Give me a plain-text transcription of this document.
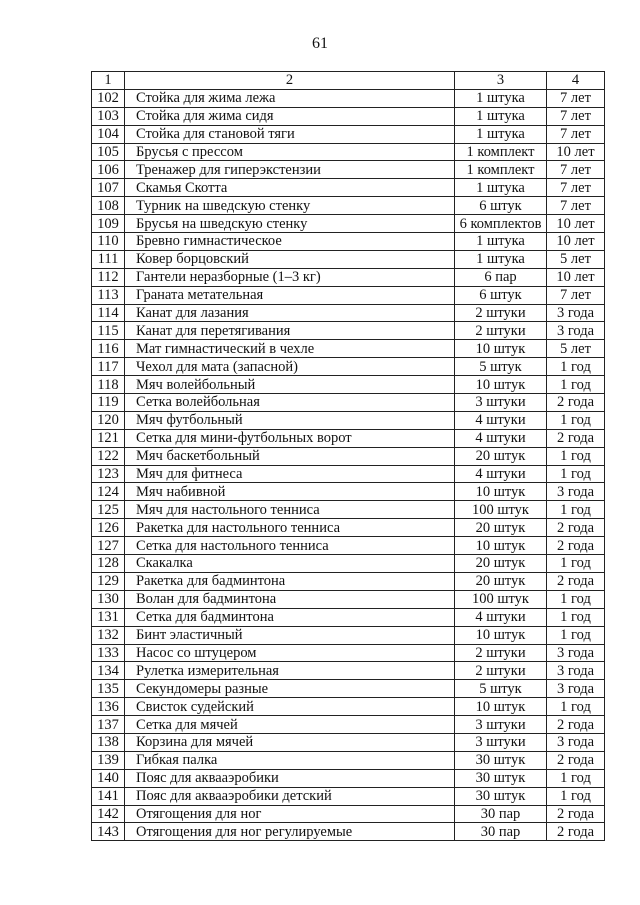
61
1	2	3	4
102	Стойка для жима лежа	1 штука	7 лет
103	Стойка для жима сидя	1 штука	7 лет
104	Стойка для становой тяги	1 штука	7 лет
105	Брусья с прессом	1 комплект	10 лет
106	Тренажер для гиперэкстензии	1 комплект	7 лет
107	Скамья Скотта	1 штука	7 лет
108	Турник на шведскую стенку	6 штук	7 лет
109	Брусья на шведскую стенку	6 комплектов	10 лет
110	Бревно гимнастическое	1 штука	10 лет
111	Ковер борцовский	1 штука	5 лет
112	Гантели неразборные (1–3 кг)	6 пар	10 лет
113	Граната метательная	6 штук	7 лет
114	Канат для лазания	2 штуки	3 года
115	Канат для перетягивания	2 штуки	3 года
116	Мат гимнастический в чехле	10 штук	5 лет
117	Чехол для мата (запасной)	5 штук	1 год
118	Мяч волейбольный	10 штук	1 год
119	Сетка волейбольная	3 штуки	2 года
120	Мяч футбольный	4 штуки	1 год
121	Сетка для мини-футбольных ворот	4 штуки	2 года
122	Мяч баскетбольный	20 штук	1 год
123	Мяч для фитнеса	4 штуки	1 год
124	Мяч набивной	10 штук	3 года
125	Мяч для настольного тенниса	100 штук	1 год
126	Ракетка для настольного тенниса	20 штук	2 года
127	Сетка для настольного тенниса	10 штук	2 года
128	Скакалка	20 штук	1 год
129	Ракетка для бадминтона	20 штук	2 года
130	Волан для бадминтона	100 штук	1 год
131	Сетка для бадминтона	4 штуки	1 год
132	Бинт эластичный	10 штук	1 год
133	Насос со штуцером	2 штуки	3 года
134	Рулетка измерительная	2 штуки	3 года
135	Секундомеры разные	5 штук	3 года
136	Свисток судейский	10 штук	1 год
137	Сетка для мячей	3 штуки	2 года
138	Корзина для мячей	3 штуки	3 года
139	Гибкая палка	30 штук	2 года
140	Пояс для аквааэробики	30 штук	1 год
141	Пояс для аквааэробики детский	30 штук	1 год
142	Отягощения для ног	30 пар	2 года
143	Отягощения для ног регулируемые	30 пар	2 года
